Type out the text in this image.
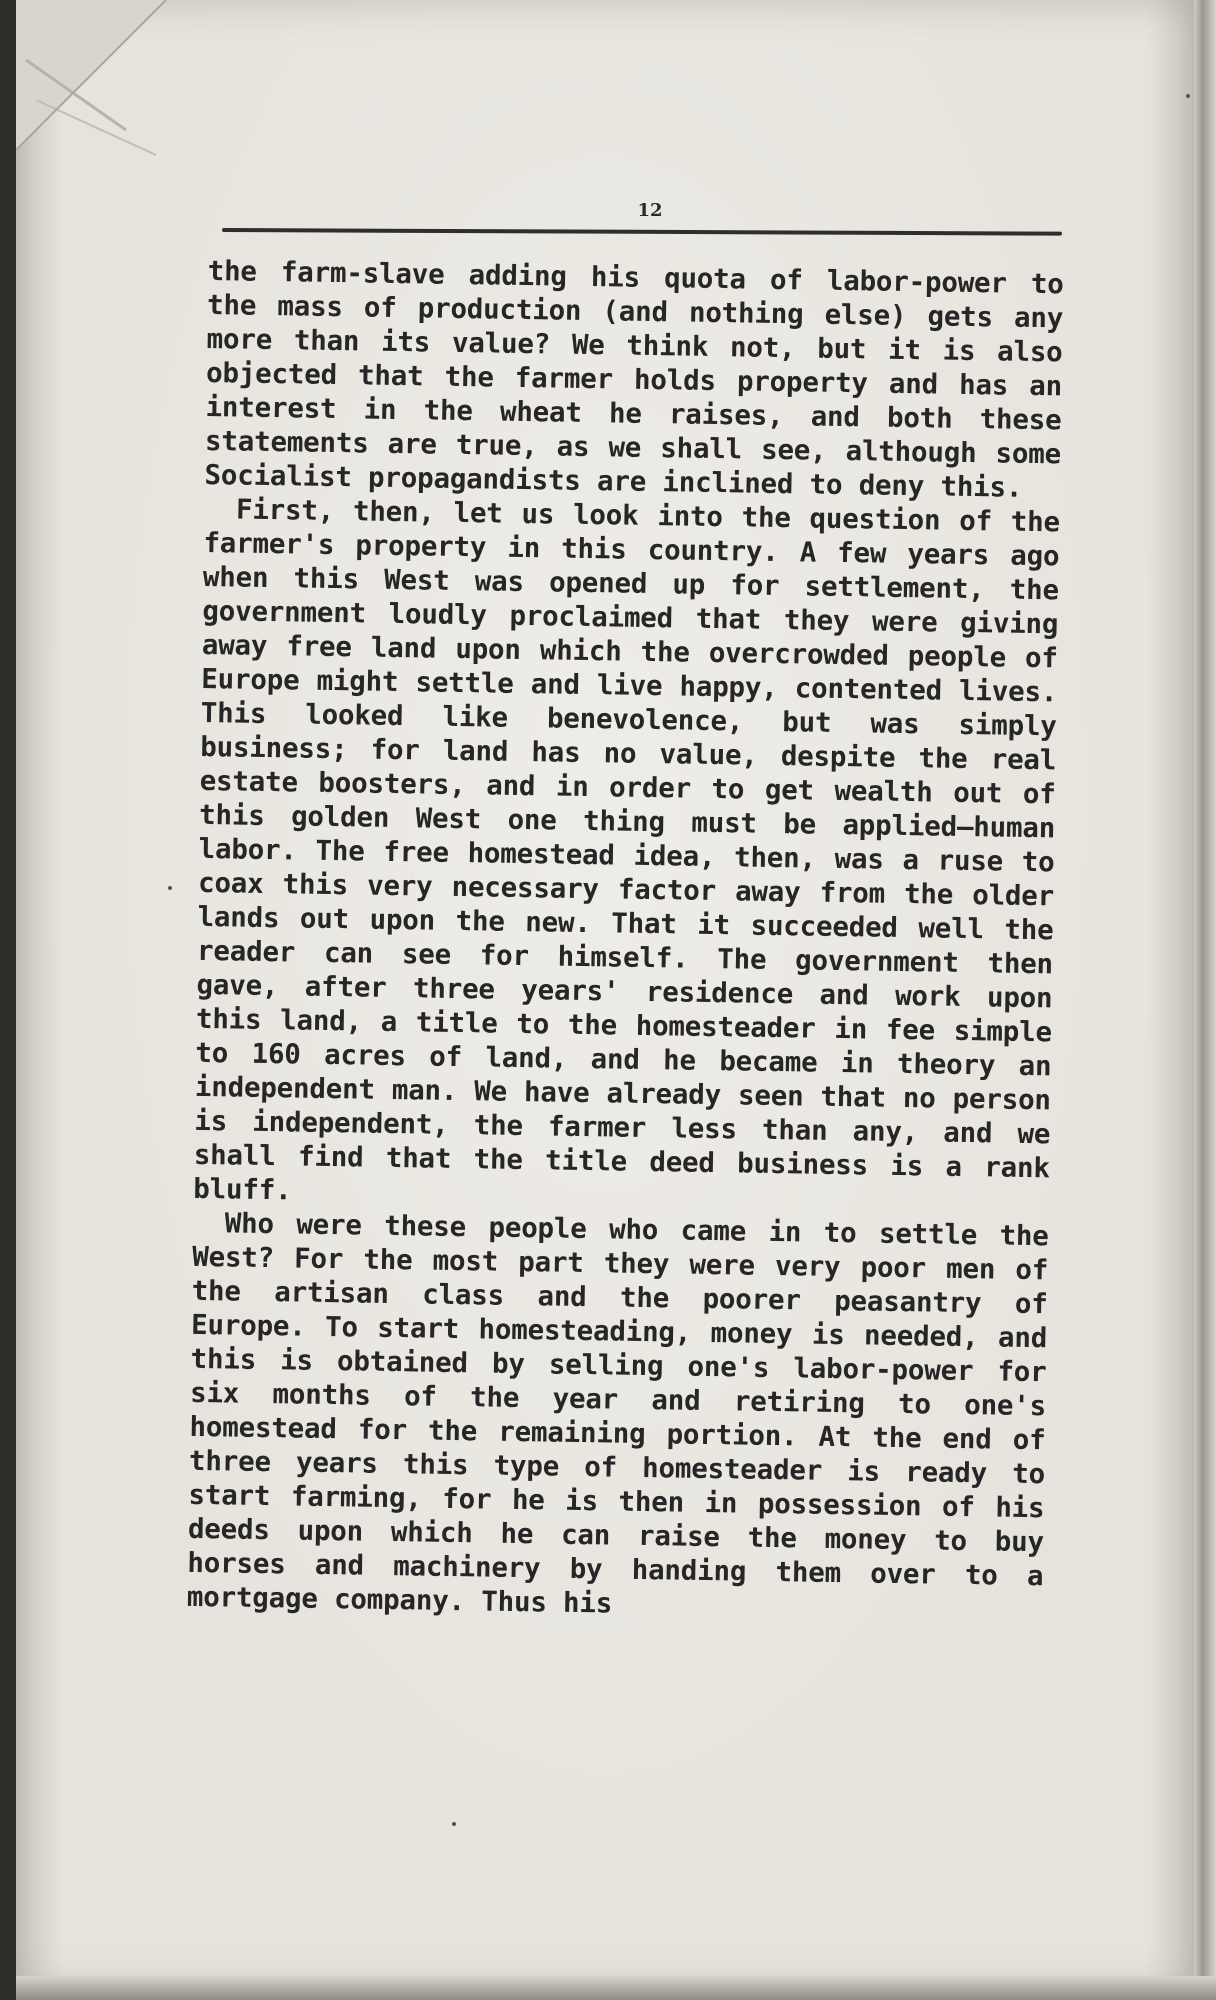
12

the farm-slave adding his quota of labor-power to the mass of production (and nothing else) gets any more than its value? We think not, but it is also objected that the farmer holds property and has an interest in the wheat he raises, and both these statements are true, as we shall see, although some Socialist propagandists are inclined to deny this.

First, then, let us look into the question of the farmer's property in this country. A few years ago when this West was opened up for settlement, the government loudly proclaimed that they were giving away free land upon which the overcrowded people of Europe might settle and live happy, contented lives. This looked like benevolence, but was simply business; for land has no value, despite the real estate boosters, and in order to get wealth out of this golden West one thing must be applied—human labor. The free homestead idea, then, was a ruse to coax this very necessary factor away from the older lands out upon the new. That it succeeded well the reader can see for himself. The government then gave, after three years' residence and work upon this land, a title to the homesteader in fee simple to 160 acres of land, and he became in theory an independent man. We have already seen that no person is independent, the farmer less than any, and we shall find that the title deed business is a rank bluff.

Who were these people who came in to settle the West? For the most part they were very poor men of the artisan class and the poorer peasantry of Europe. To start homesteading, money is needed, and this is obtained by selling one's labor-power for six months of the year and retiring to one's homestead for the remaining portion. At the end of three years this type of homesteader is ready to start farming, for he is then in possession of his deeds upon which he can raise the money to buy horses and machinery by handing them over to a mortgage company. Thus his
